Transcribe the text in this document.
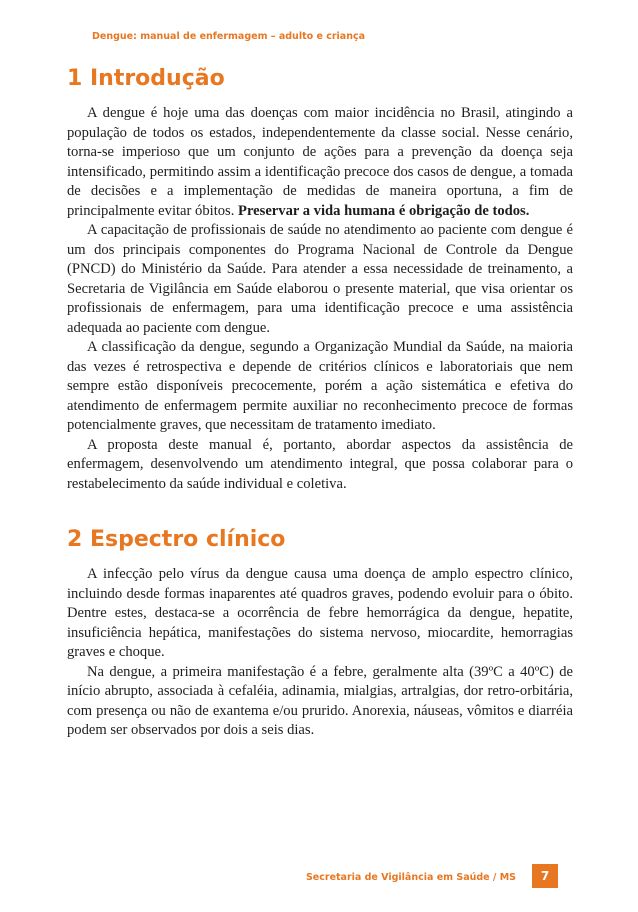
Dengue: manual de enfermagem – adulto e criança
1 Introdução

A dengue é hoje uma das doenças com maior incidência no Brasil, atingindo a população de todos os estados, independentemente da classe social. Nesse cenário, torna-se imperioso que um conjunto de ações para a prevenção da doença seja intensificado, permitindo assim a identificação precoce dos casos de dengue, a tomada de decisões e a implementação de medidas de maneira oportuna, a fim de principalmente evitar óbitos. Preservar a vida humana é obrigação de todos.

A capacitação de profissionais de saúde no atendimento ao paciente com dengue é um dos principais componentes do Programa Nacional de Controle da Dengue (PNCD) do Ministério da Saúde. Para atender a essa necessidade de treinamento, a Secretaria de Vigilância em Saúde elaborou o presente material, que visa orientar os profissionais de enfermagem, para uma identificação precoce e uma assistência adequada ao paciente com dengue.

A classificação da dengue, segundo a Organização Mundial da Saúde, na maioria das vezes é retrospectiva e depende de critérios clínicos e laboratoriais que nem sempre estão disponíveis precocemente, porém a ação sistemática e efetiva do atendimento de enfermagem permite auxiliar no reconhecimento precoce de formas potencialmente graves, que necessitam de tratamento imediato.

A proposta deste manual é, portanto, abordar aspectos da assistência de enfermagem, desenvolvendo um atendimento integral, que possa colaborar para o restabelecimento da saúde individual e coletiva.

2 Espectro clínico

A infecção pelo vírus da dengue causa uma doença de amplo espectro clínico, incluindo desde formas inaparentes até quadros graves, podendo evoluir para o óbito. Dentre estes, destaca-se a ocorrência de febre hemorrágica da dengue, hepatite, insuficiência hepática, manifestações do sistema nervoso, miocardite, hemorragias graves e choque.

Na dengue, a primeira manifestação é a febre, geralmente alta (39ºC a 40ºC) de início abrupto, associada à cefaléia, adinamia, mialgias, artralgias, dor retro-orbitária, com presença ou não de exantema e/ou prurido. Anorexia, náuseas, vômitos e diarréia podem ser observados por dois a seis dias.

Secretaria de Vigilância em Saúde / MS	7
